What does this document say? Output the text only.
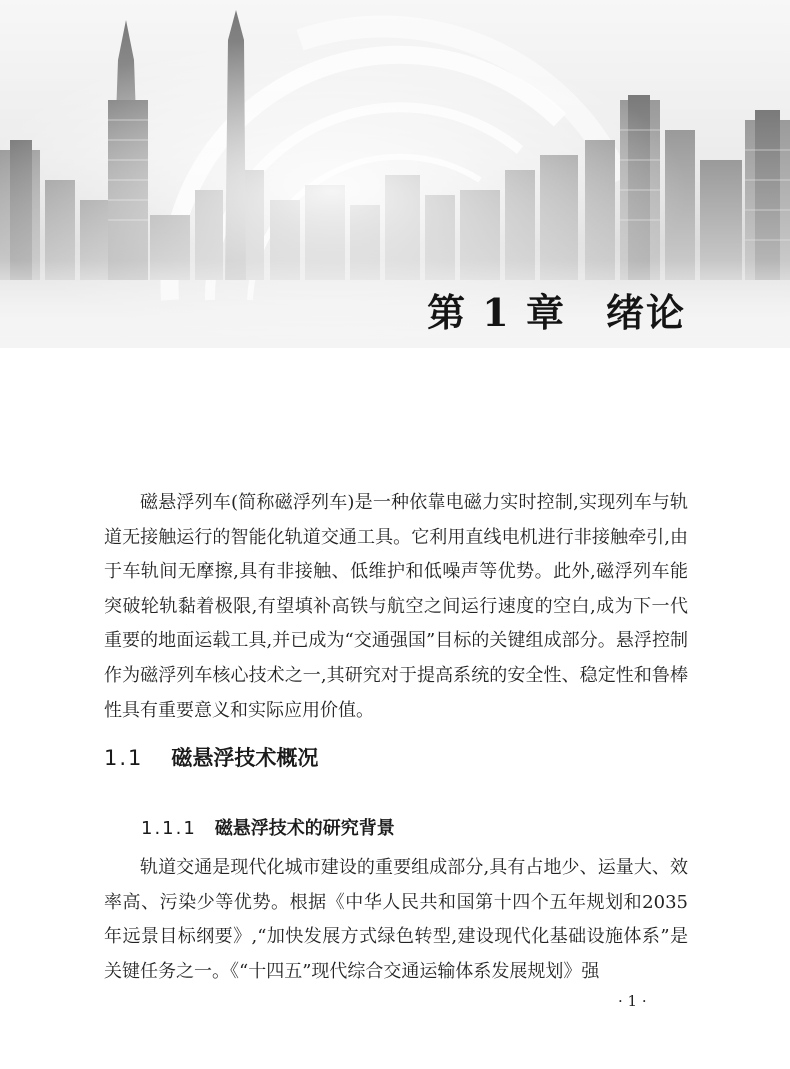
第 1 章 绪论

磁悬浮列车(简称磁浮列车)是一种依靠电磁力实时控制,实现列车与轨道无接触运行的智能化轨道交通工具。它利用直线电机进行非接触牵引,由于车轨间无摩擦,具有非接触、低维护和低噪声等优势。此外,磁浮列车能突破轮轨黏着极限,有望填补高铁与航空之间运行速度的空白,成为下一代重要的地面运载工具,并已成为“交通强国”目标的关键组成部分。悬浮控制作为磁浮列车核心技术之一,其研究对于提高系统的安全性、稳定性和鲁棒性具有重要意义和实际应用价值。

1.1 磁悬浮技术概况
1.1.1 磁悬浮技术的研究背景

轨道交通是现代化城市建设的重要组成部分,具有占地少、运量大、效率高、污染少等优势。根据《中华人民共和国第十四个五年规划和2035年远景目标纲要》,“加快发展方式绿色转型,建设现代化基础设施体系”是关键任务之一。《“十四五”现代综合交通运输体系发展规划》强

· 1 ·
